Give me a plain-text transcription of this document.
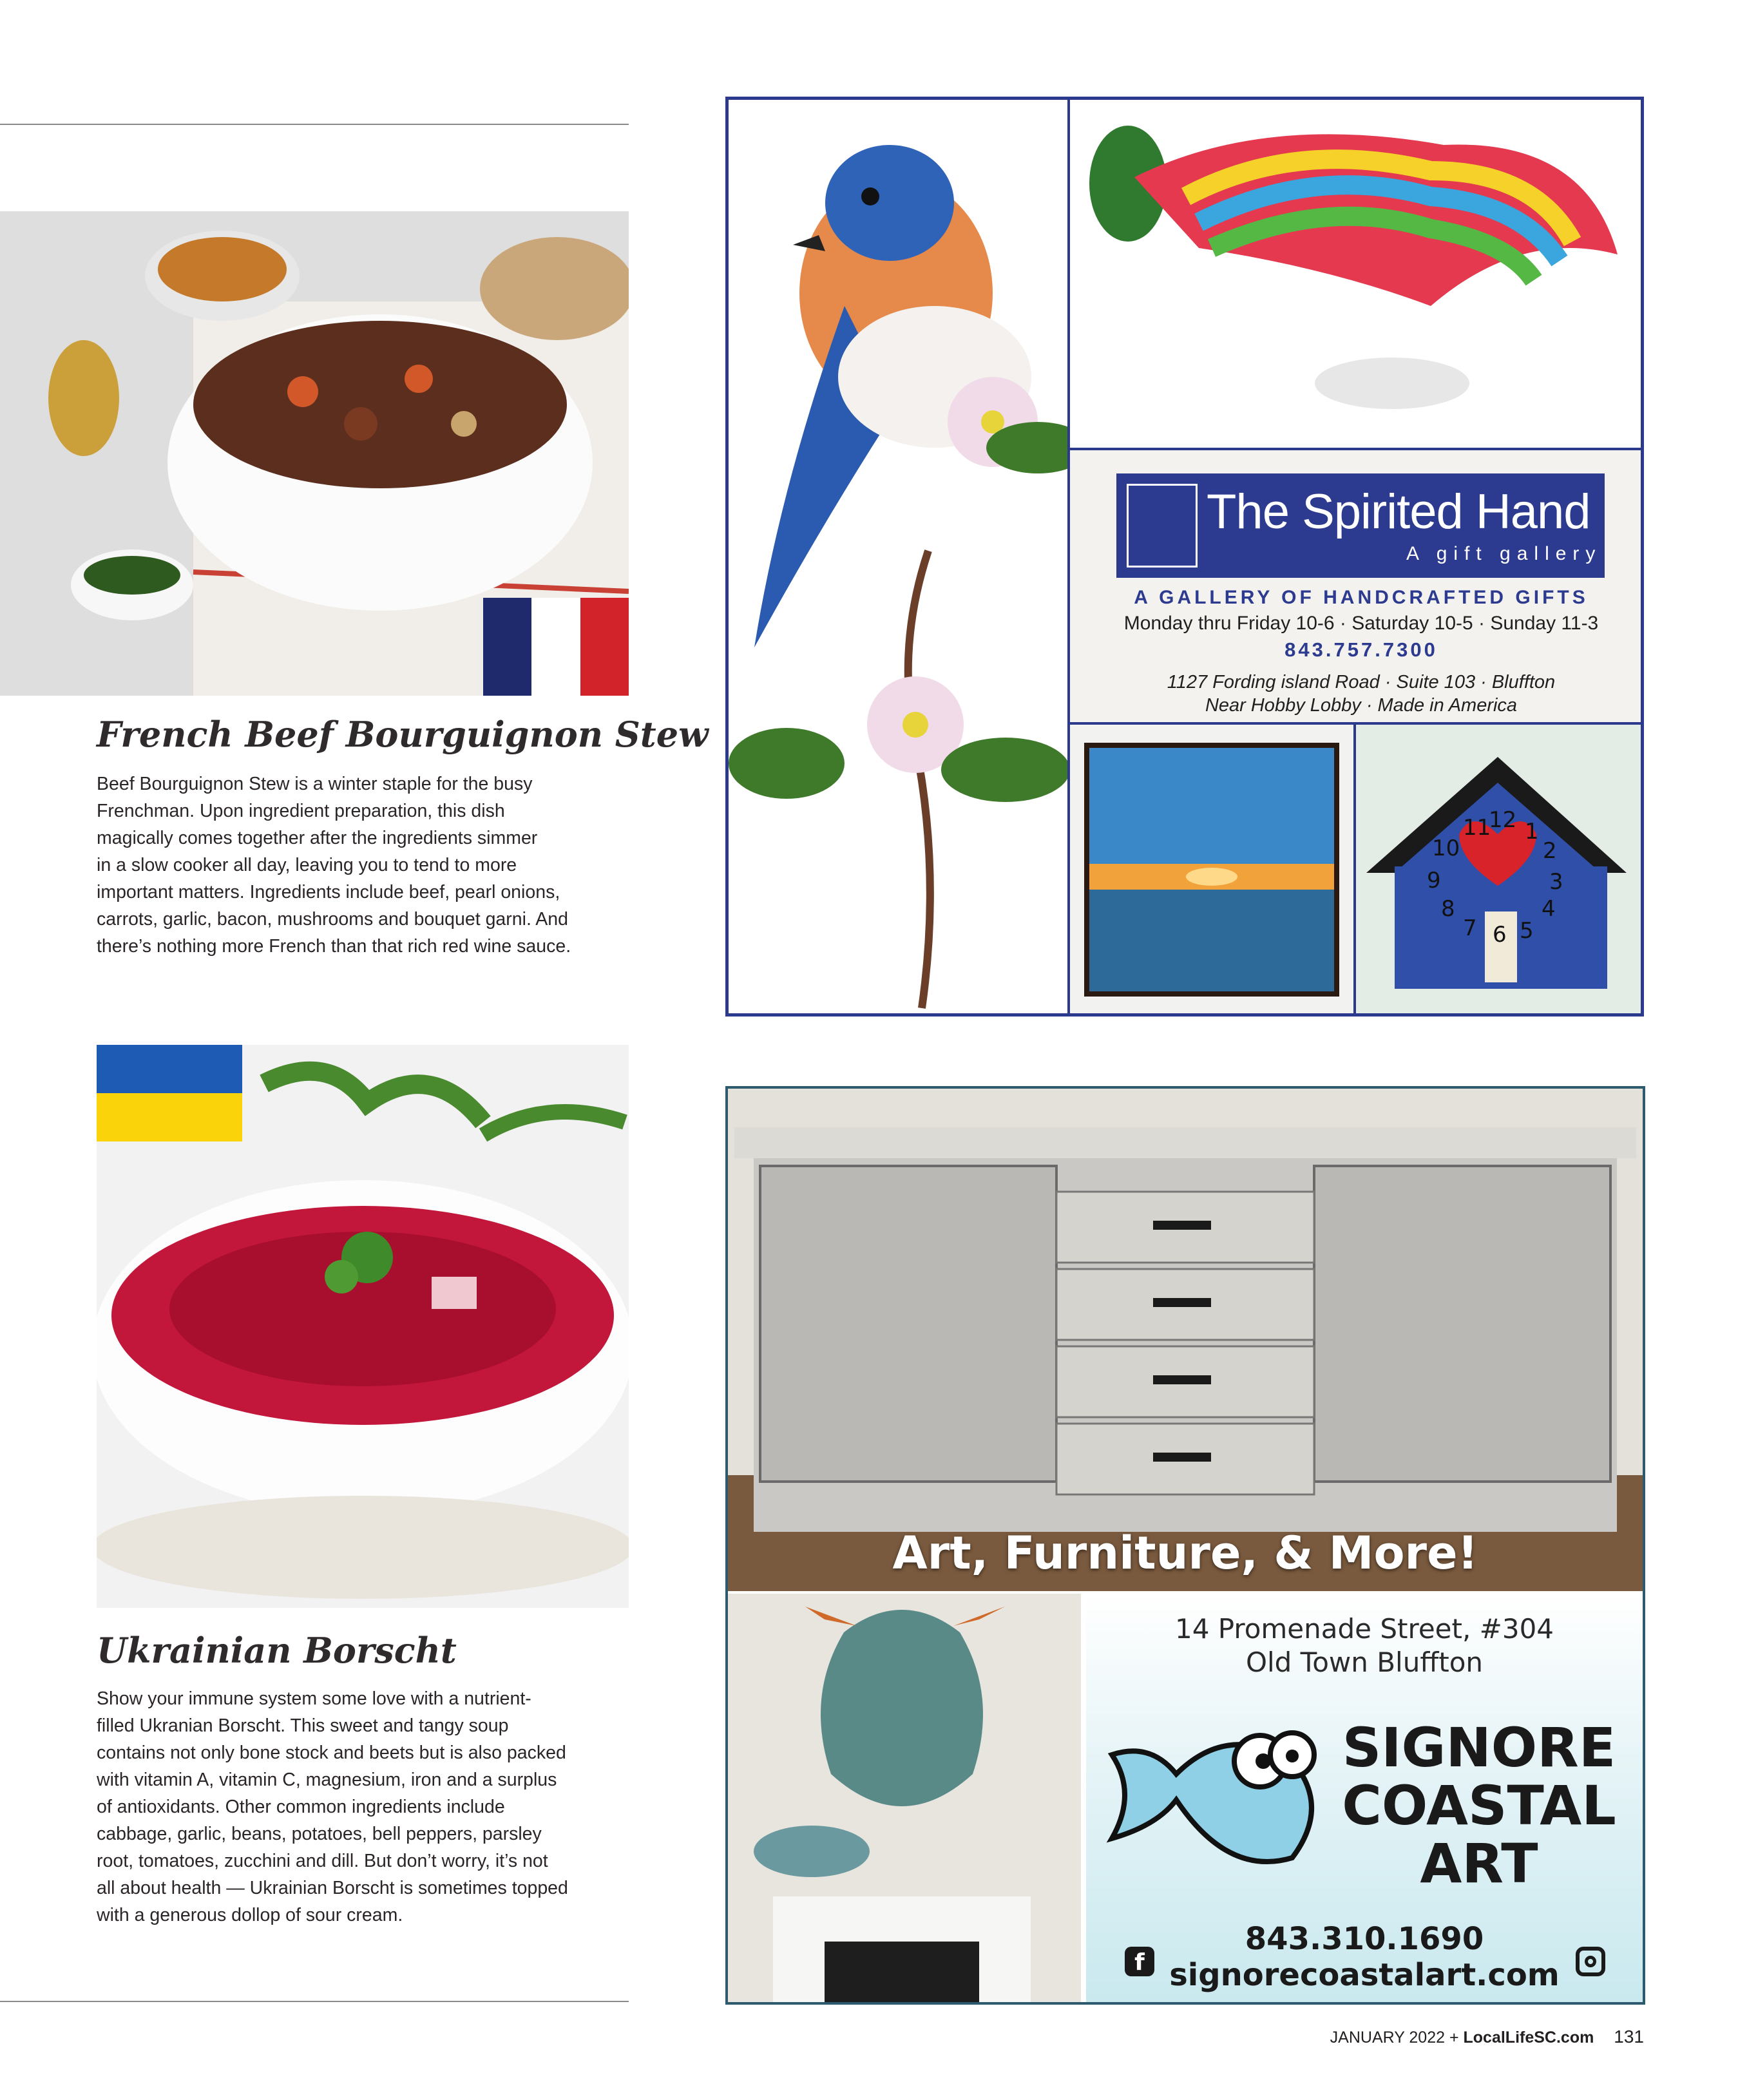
French Beef Bourguignon Stew
Beef Bourguignon Stew is a winter staple for the busy
Frenchman. Upon ingredient preparation, this dish
magically comes together after the ingredients simmer
in a slow cooker all day, leaving you to tend to more
important matters. Ingredients include beef, pearl onions,
carrots, garlic, bacon, mushrooms and bouquet garni. And
there’s nothing more French than that rich red wine sauce.
Ukrainian Borscht
Show your immune system some love with a nutrient-
filled Ukranian Borscht. This sweet and tangy soup
contains not only bone stock and beets but is also packed
with vitamin A, vitamin C, magnesium, iron and a surplus
of antioxidants. Other common ingredients include
cabbage, garlic, beans, potatoes, bell peppers, parsley
root, tomatoes, zucchini and dill. But don’t worry, it’s not
all about health — Ukrainian Borscht is sometimes topped
with a generous dollop of sour cream.
The Spirited Hand
A gift gallery
A GALLERY OF HANDCRAFTED GIFTS
Monday thru Friday 10-6 · Saturday 10-5 · Sunday 11-3
843.757.7300
1127 Fording island Road · Suite 103 · Bluffton
Near Hobby Lobby · Made in America
12
11 1
10	2
9	3
8	4
7 5
6
Art, Furniture, & More!
14 Promenade Street, #304
Old Town Bluffton
SIGNORE
COASTAL
ART
843.310.1690
signorecoastalart.com
f
JANUARY 2022 + LocalLifeSC.com 131
